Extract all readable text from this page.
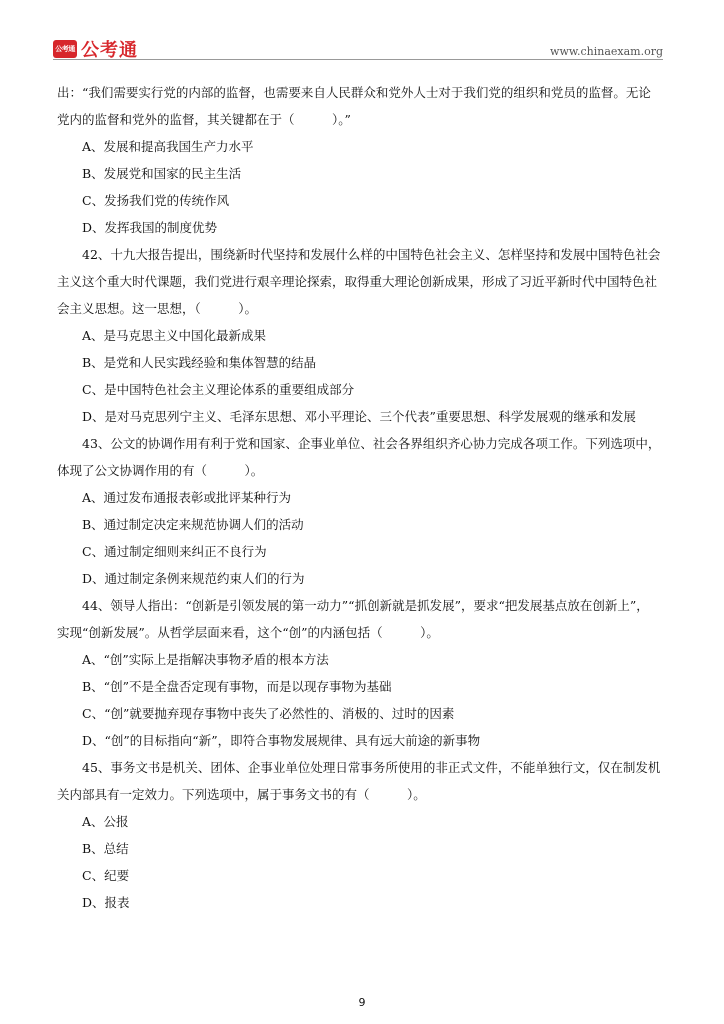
公考通 公考通	www.chinaexam.org

出：“我们需要实行党的内部的监督，也需要来自人民群众和党外人士对于我们党的组织和党员的监督。无论

党内的监督和党外的监督，其关键都在于（　　　）。”

A、发展和提高我国生产力水平

B、发展党和国家的民主生活

C、发扬我们党的传统作风

D、发挥我国的制度优势

42、十九大报告提出，围绕新时代坚持和发展什么样的中国特色社会主义、怎样坚持和发展中国特色社会

主义这个重大时代课题，我们党进行艰辛理论探索，取得重大理论创新成果，形成了习近平新时代中国特色社

会主义思想。这一思想，（　　　）。

A、是马克思主义中国化最新成果

B、是党和人民实践经验和集体智慧的结晶

C、是中国特色社会主义理论体系的重要组成部分

D、是对马克思列宁主义、毛泽东思想、邓小平理论、三个代表”重要思想、科学发展观的继承和发展

43、公文的协调作用有利于党和国家、企事业单位、社会各界组织齐心协力完成各项工作。下列选项中，

体现了公文协调作用的有（　　　）。

A、通过发布通报表彰或批评某种行为

B、通过制定决定来规范协调人们的活动

C、通过制定细则来纠正不良行为

D、通过制定条例来规范约束人们的行为

44、领导人指出：“创新是引领发展的第一动力”“抓创新就是抓发展”，要求“把发展基点放在创新上”，

实现“创新发展”。从哲学层面来看，这个“创”的内涵包括（　　　）。

A、“创”实际上是指解决事物矛盾的根本方法

B、“创”不是全盘否定现有事物，而是以现存事物为基础

C、“创”就要抛弃现存事物中丧失了必然性的、消极的、过时的因素

D、“创”的目标指向“新”，即符合事物发展规律、具有远大前途的新事物

45、事务文书是机关、团体、企事业单位处理日常事务所使用的非正式文件，不能单独行文，仅在制发机

关内部具有一定效力。下列选项中，属于事务文书的有（　　　）。

A、公报

B、总结

C、纪要

D、报表

9
